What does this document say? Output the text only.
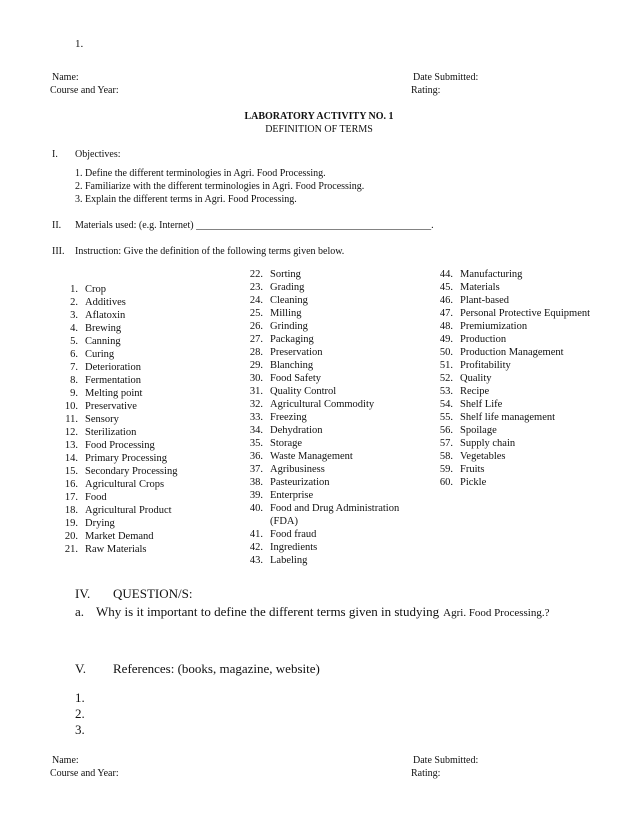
1.
Name:
Course and Year:
Date Submitted:
Rating:
LABORATORY ACTIVITY NO. 1
DEFINITION OF TERMS
I. Objectives:
1. Define the different terminologies in Agri. Food Processing.
2. Familiarize with the different terminologies in Agri. Food Processing.
3. Explain the different terms in Agri. Food Processing.
II. Materials used: (e.g. Internet) _______________________________________________.
III. Instruction: Give the definition of the following terms given below.
1. Crop
2. Additives
3. Aflatoxin
4. Brewing
5. Canning
6. Curing
7. Deterioration
8. Fermentation
9. Melting point
10. Preservative
11. Sensory
12. Sterilization
13. Food Processing
14. Primary Processing
15. Secondary Processing
16. Agricultural Crops
17. Food
18. Agricultural Product
19. Drying
20. Market Demand
21. Raw Materials
22. Sorting
23. Grading
24. Cleaning
25. Milling
26. Grinding
27. Packaging
28. Preservation
29. Blanching
30. Food Safety
31. Quality Control
32. Agricultural Commodity
33. Freezing
34. Dehydration
35. Storage
36. Waste Management
37. Agribusiness
38. Pasteurization
39. Enterprise
40. Food and Drug Administration
(FDA)
41. Food fraud
42. Ingredients
43. Labeling
44. Manufacturing
45. Materials
46. Plant-based
47. Personal Protective Equipment
48. Premiumization
49. Production
50. Production Management
51. Profitability
52. Quality
53. Recipe
54. Shelf Life
55. Shelf life management
56. Spoilage
57. Supply chain
58. Vegetables
59. Fruits
60. Pickle
IV. QUESTION/S:
a. Why is it important to define the different terms given in studying Agri. Food Processing.?
V. References: (books, magazine, website)
1.
2.
3.
Name:
Course and Year:
Date Submitted:
Rating:
